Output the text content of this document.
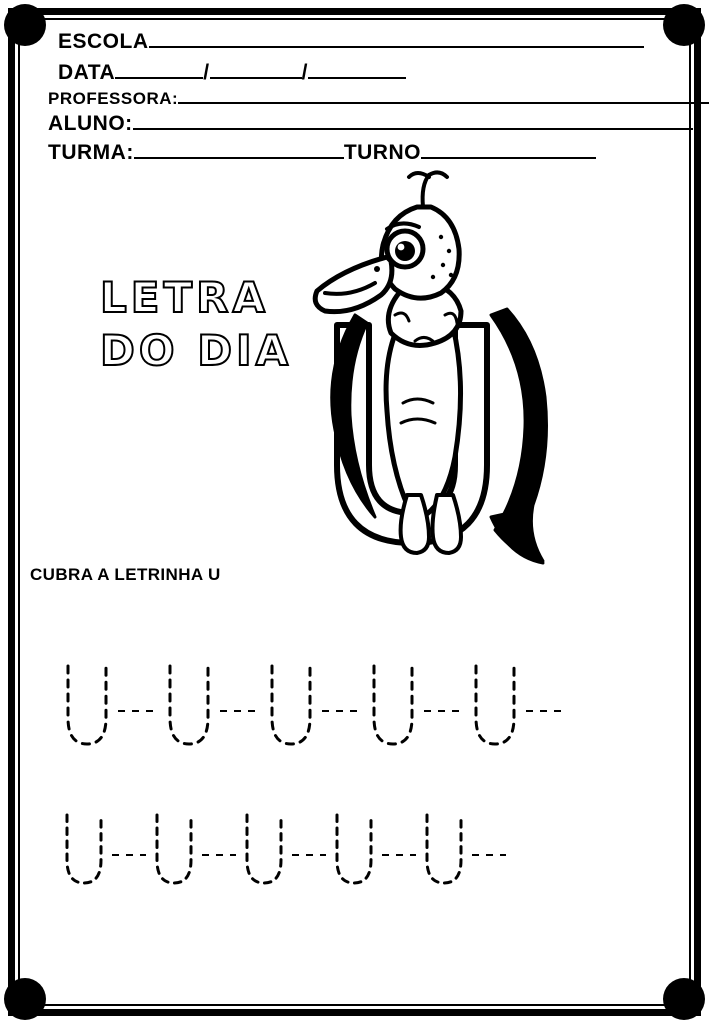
ESCOLA
DATA	/	/
PROFESSORA:
ALUNO:
TURMA:	TURNO
LETRA
DO DIA
CUBRA A LETRINHA U
